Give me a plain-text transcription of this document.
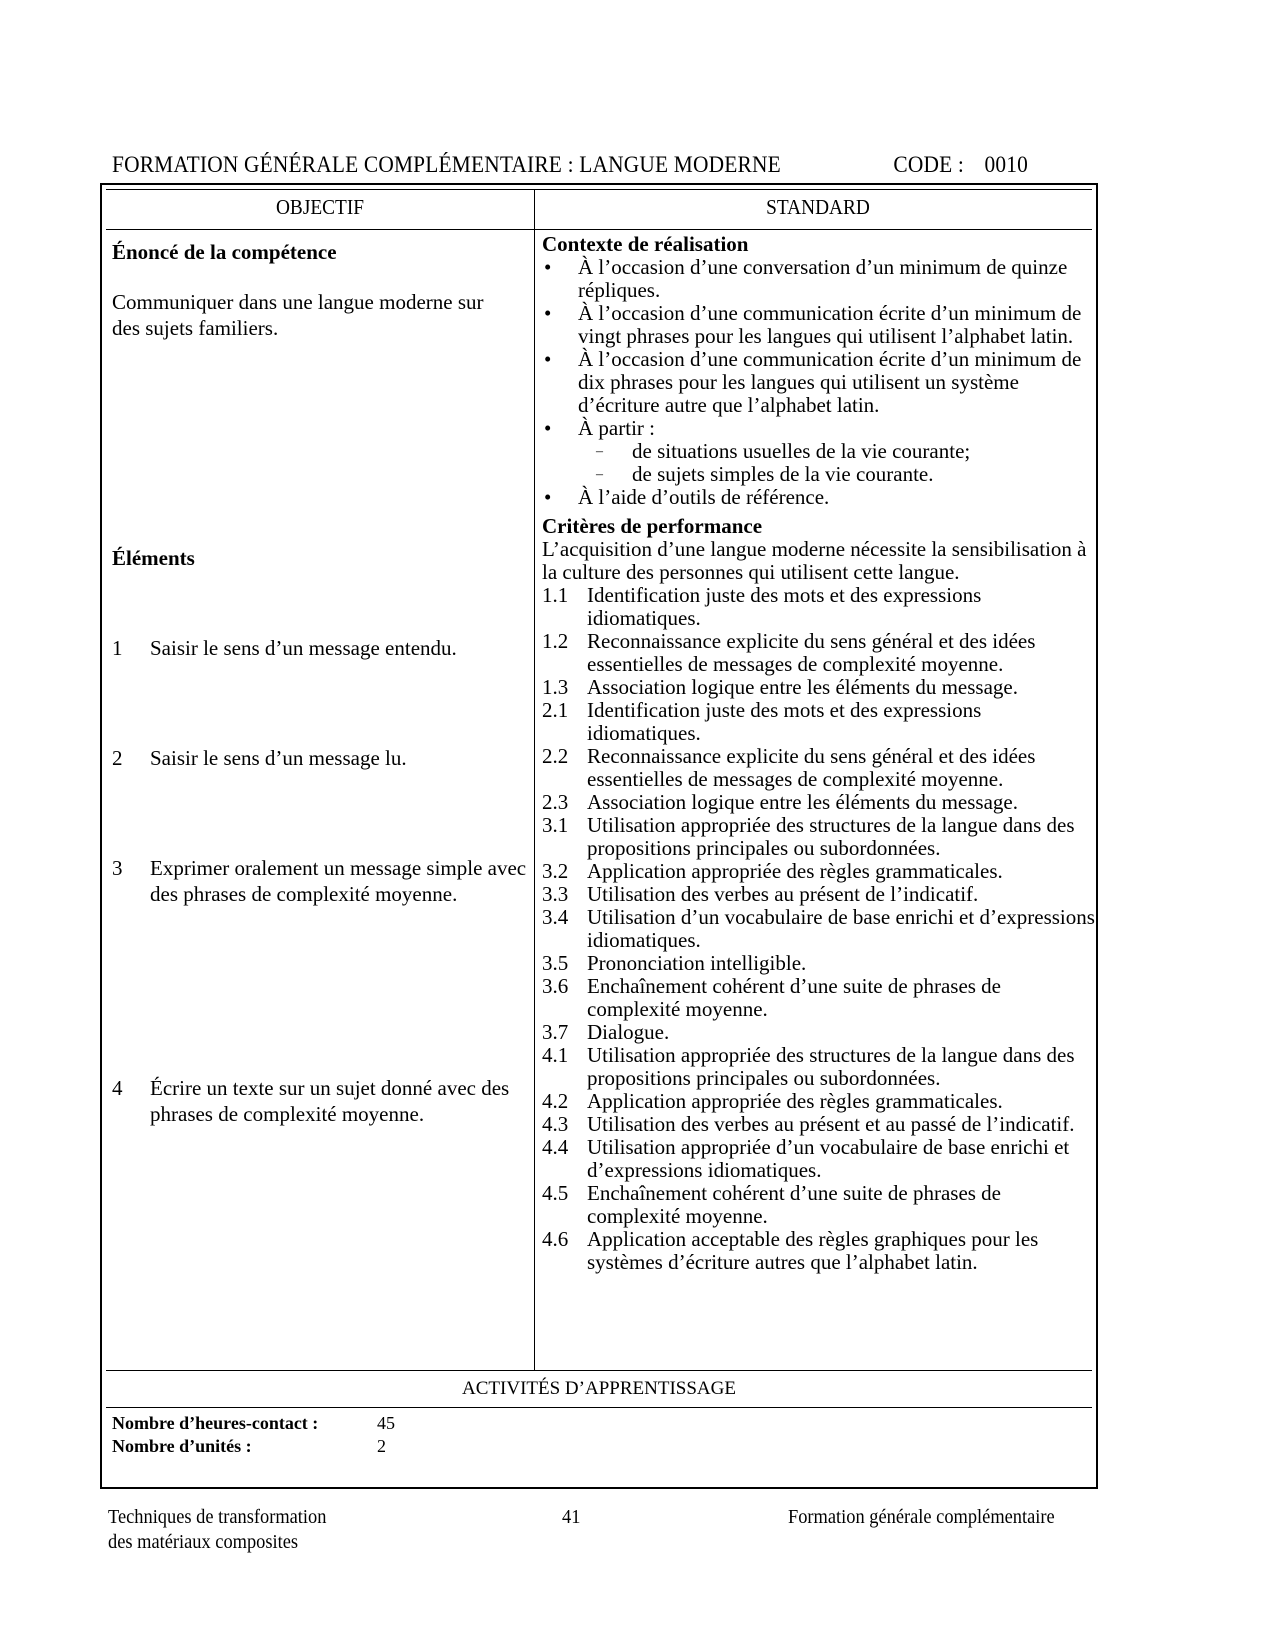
FORMATION GÉNÉRALE COMPLÉMENTAIRE : LANGUE MODERNE	CODE : 0010
OBJECTIF	STANDARD
Énoncé de la compétence
Communiquer dans une langue moderne sur des sujets familiers.
Éléments
1	Saisir le sens d’un message entendu.
2	Saisir le sens d’un message lu.
3	Exprimer oralement un message simple avec des phrases de complexité moyenne.
4	Écrire un texte sur un sujet donné avec des phrases de complexité moyenne.
Contexte de réalisation
•	À l’occasion d’une conversation d’un minimum de quinze répliques.
•	À l’occasion d’une communication écrite d’un minimum de vingt phrases pour les langues qui utilisent l’alphabet latin.
•	À l’occasion d’une communication écrite d’un minimum de dix phrases pour les langues qui utilisent un système d’écriture autre que l’alphabet latin.
•	À partir :
–	de situations usuelles de la vie courante;
–	de sujets simples de la vie courante.
•	À l’aide d’outils de référence.
Critères de performance
L’acquisition d’une langue moderne nécessite la sensibilisation à la culture des personnes qui utilisent cette langue.
1.1 Identification juste des mots et des expressions idiomatiques.
1.2 Reconnaissance explicite du sens général et des idées essentielles de messages de complexité moyenne.
1.3 Association logique entre les éléments du message.
2.1 Identification juste des mots et des expressions idiomatiques.
2.2 Reconnaissance explicite du sens général et des idées essentielles de messages de complexité moyenne.
2.3 Association logique entre les éléments du message.
3.1 Utilisation appropriée des structures de la langue dans des propositions principales ou subordonnées.
3.2 Application appropriée des règles grammaticales.
3.3 Utilisation des verbes au présent de l’indicatif.
3.4 Utilisation d’un vocabulaire de base enrichi et d’expressions idiomatiques.
3.5 Prononciation intelligible.
3.6 Enchaînement cohérent d’une suite de phrases de complexité moyenne.
3.7 Dialogue.
4.1 Utilisation appropriée des structures de la langue dans des propositions principales ou subordonnées.
4.2 Application appropriée des règles grammaticales.
4.3 Utilisation des verbes au présent et au passé de l’indicatif.
4.4 Utilisation appropriée d’un vocabulaire de base enrichi et d’expressions idiomatiques.
4.5 Enchaînement cohérent d’une suite de phrases de complexité moyenne.
4.6 Application acceptable des règles graphiques pour les systèmes d’écriture autres que l’alphabet latin.
ACTIVITÉS D’APPRENTISSAGE
Nombre d’heures-contact :	45
Nombre d’unités :	2
Techniques de transformation
des matériaux composites
41	Formation générale complémentaire
